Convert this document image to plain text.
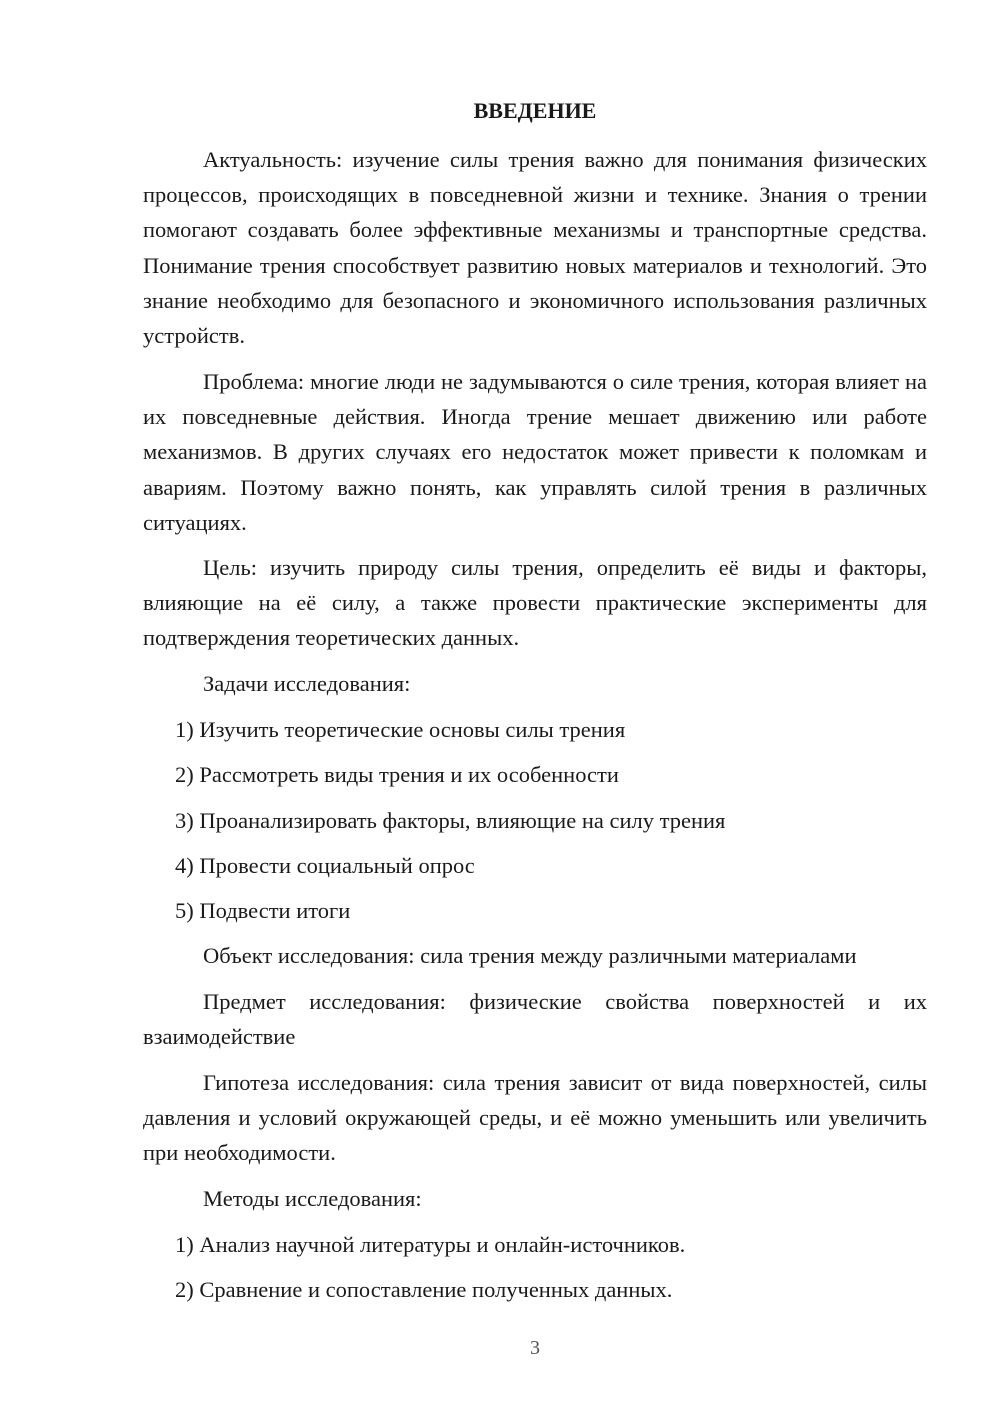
ВВЕДЕНИЕ

Актуальность: изучение силы трения важно для понимания физических процессов, происходящих в повседневной жизни и технике. Знания о трении помогают создавать более эффективные механизмы и транспортные средства. Понимание трения способствует развитию новых материалов и технологий. Это знание необходимо для безопасного и экономичного использования различных устройств.

Проблема: многие люди не задумываются о силе трения, которая влияет на их повседневные действия. Иногда трение мешает движению или работе механизмов. В других случаях его недостаток может привести к поломкам и авариям. Поэтому важно понять, как управлять силой трения в различных ситуациях.

Цель: изучить природу силы трения, определить её виды и факторы, влияющие на её силу, а также провести практические эксперименты для подтверждения теоретических данных.

Задачи исследования:

1) Изучить теоретические основы силы трения

2) Рассмотреть виды трения и их особенности

3) Проанализировать факторы, влияющие на силу трения

4) Провести социальный опрос

5) Подвести итоги

Объект исследования: сила трения между различными материалами

Предмет исследования: физические свойства поверхностей и их взаимодействие

Гипотеза исследования: сила трения зависит от вида поверхностей, силы давления и условий окружающей среды, и её можно уменьшить или увеличить при необходимости.

Методы исследования:

1) Анализ научной литературы и онлайн-источников.

2) Сравнение и сопоставление полученных данных.

3
